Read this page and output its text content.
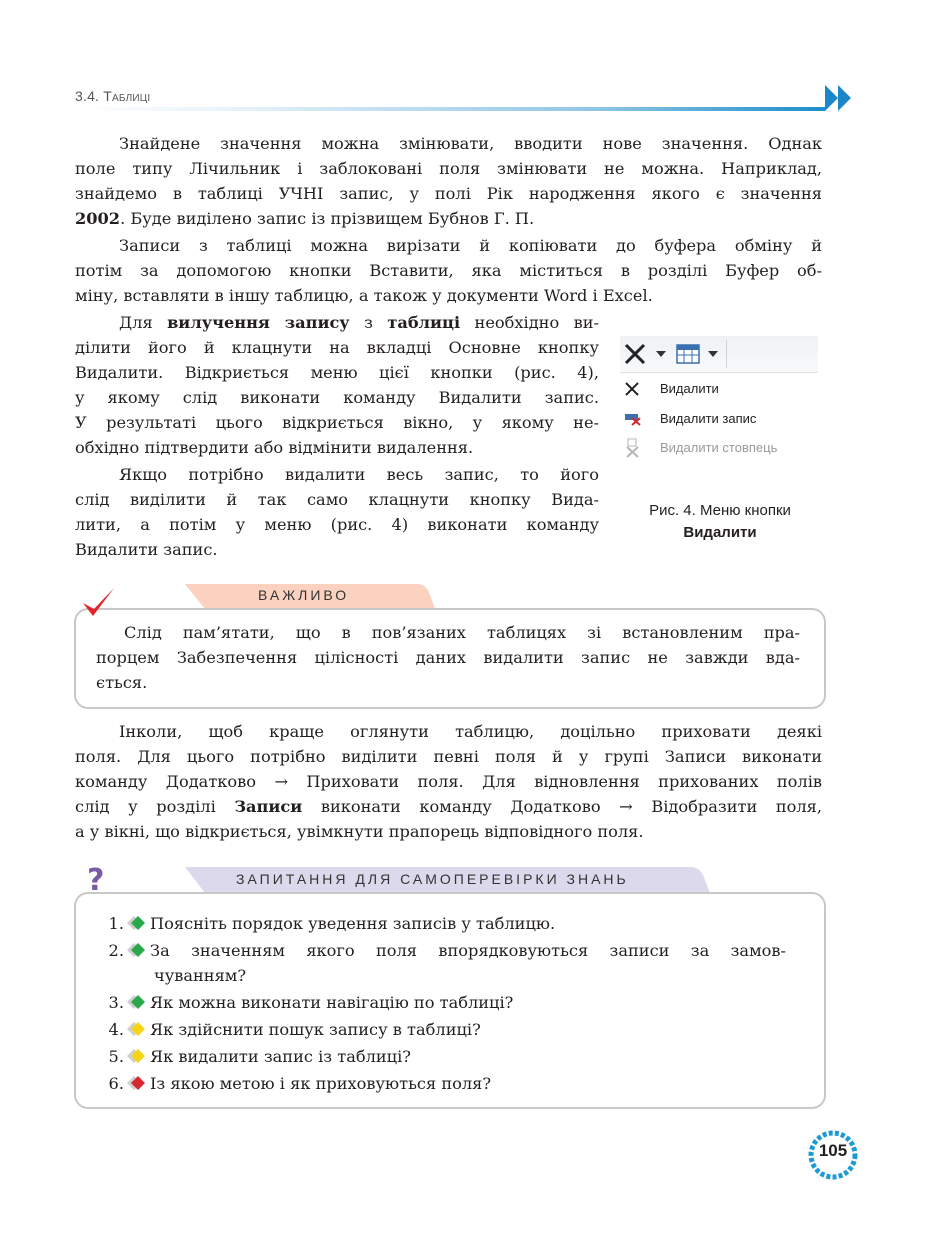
3.4. Таблиці
Знайдене значення можна змінювати, вводити нове значення. Однак
поле типу Лічильник і заблоковані поля змінювати не можна. Наприклад,
знайдемо в таблиці УЧНІ запис, у полі Рік народження якого є значення
2002. Буде виділено запис із прізвищем Бубнов Г. П.
Записи з таблиці можна вирізати й копіювати до буфера обміну й
потім за допомогою кнопки Вставити, яка міститься в розділі Буфер об-
міну, вставляти в іншу таблицю, а також у документи Word і Excel.
Для вилучення запису з таблиці необхідно ви-
ділити його й клацнути на вкладці Основне кнопку
Видалити. Відкриється меню цієї кнопки (рис. 4),
у якому слід виконати команду Видалити запис.
У результаті цього відкриється вікно, у якому не-
обхідно підтвердити або відмінити видалення.
Якщо потрібно видалити весь запис, то його
слід виділити й так само клацнути кнопку Вида-
лити, а потім у меню (рис. 4) виконати команду
Видалити запис.
Видалити
Видалити запис
Видалити стовпець
Рис. 4. Меню кнопки
Видалити
ВАЖЛИВО
Слід пам’ятати, що в пов’язаних таблицях зі встановленим пра-
порцем Забезпечення цілісності даних видалити запис не завжди вда-
ється.
Інколи, щоб краще оглянути таблицю, доцільно приховати деякі
поля. Для цього потрібно виділити певні поля й у групі Записи виконати
команду Додатково → Приховати поля. Для відновлення прихованих полів
слід у розділі Записи виконати команду Додатково → Відобразити поля,
а у вікні, що відкриється, увімкнути прапорець відповідного поля.
ЗАПИТАННЯ ДЛЯ САМОПЕРЕВІРКИ ЗНАНЬ
?
1. Поясніть порядок уведення записів у таблицю.
2. За значенням якого поля впорядковуються записи за замов-
чуванням?
3. Як можна виконати навігацію по таблиці?
4. Як здійснити пошук запису в таблиці?
5. Як видалити запис із таблиці?
6. Із якою метою і як приховуються поля?
105
